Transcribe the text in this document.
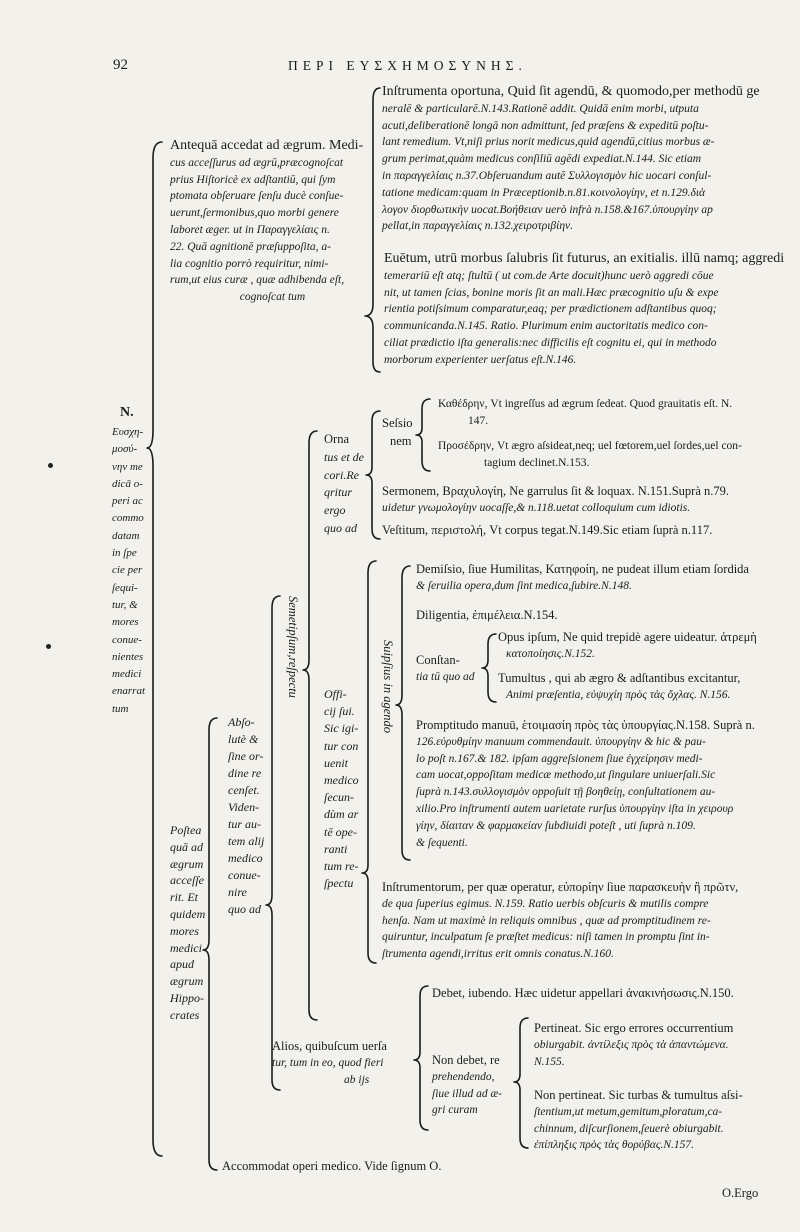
92	ΠΕΡΙ ΕΥΣΧΗΜΟΣΥΝΗΣ.
N.
Ευσχη-
μοσύ-
νην me
dicā o-
peri ac
commo
datam
in ſpe
cie per
ſequi-
tur, &
mores
conue-
nientes
medici
enarrat
tum
Antequā accedat ad ægrum. Medi-
cus acceſſurus ad ægrū,præcognoſcat
prius Hiſtoricè ex adſtantiū, qui ſym
ptomata obſeruare ſenſu ducè conſue-
uerunt,ſermonibus,quo morbi genere
laboret æger. ut in Παραγγελίαις n.
22. Quā agnitionē præſuppoſita, a-
lia cognitio porrò requiritur, nimi-
rum,ut eius curæ , quæ adhibenda eſt,
cognoſcat tum
Inſtrumenta oportuna, Quid ſit agendū, & quomodo,per methodū ge
neralē & particularē.N.143.Rationē addit. Quidā enim morbi, utputa
acuti,deliberationē longā non admittunt, ſed præſens & expeditū poſtu-
lant remedium. Vt,niſi prius norit medicus,quid agendū,citius morbus æ-
grum perimat,quàm medicus conſiliū agēdi expediat.N.144. Sic etiam
in παραγγελίαις n.37.Obſeruandum autē Συλλογισμὸν hic uocari conſul-
tatione medicam:quam in Præceptionib.n.81.κοινολογίην, et n.129.διὰ
λογον διορθωτικὴν uocat.Βοήθειαν uerò infrà n.158.&167.ὑπουργίην ap
pellat,in παραγγελίαις n.132.χειροτριβίην.
Euētum, utrū morbus ſalubris ſit futurus, an exitialis. illū namq; aggredi
temerariū eſt atq; ſtultū ( ut com.de Arte docuit)hunc uerò aggredi cōue
nit, ut tamen ſcias, bonine moris ſit an mali.Hæc præcognitio uſu & expe
rientia potiſsimum comparatur,eaq; per prædictionem adſtantibus quoq;
communicanda.N.145. Ratio. Plurimum enim auctoritatis medico con-
ciliat prædictio iſta generalis:nec difficilis eſt cognitu ei, qui in methodo
morborum experienter uerſatus eſt.N.146.
Poſtea
quā ad
ægrum
acceſſe
rit. Et
quidem
mores
medici
apud
ægrum
Hippo-
crates
Abſo-
lutè &
ſine or-
dine re
cenſet.
Viden-
tur au-
tem alij
medico
conue-
nire
quo ad
Semetipſum,reſpectu
Orna
tus et de
cori.Re
qritur
ergo
quo ad
Seſsio
nem
Καθέδρην, Vt ingreſſus ad ægrum ſedeat. Quod grauitatis eſt. N.
147.
Προσέδρην, Vt ægro aſsideat,neq; uel fœtorem,uel ſordes,uel con-
tagium declinet.N.153.
Sermonem, Βραχυλογίη, Ne garrulus ſit & loquax. N.151.Suprà n.79.
uidetur γνωμολογίην uocaſſe,& n.118.uetat colloquium cum idiotis.
Veſtitum, περιστολή, Vt corpus tegat.N.149.Sic etiam ſuprà n.117.
Offi-
cij ſui.
Sic igi-
tur con
uenit
medico
ſecun-
dùm ar
tē ope-
ranti
tum re-
ſpectu
Suipſius in agendo
Demiſsio, ſiue Humilitas, Κατηφοίη, ne pudeat illum etiam ſordida
& ſeruilia opera,dum ſint medica,ſubire.N.148.
Diligentia, ἐπιμέλεια.N.154.
Conſtan-
tia tū quo ad
Opus ipſum, Ne quid trepidè agere uideatur. ἀτρεμὴ
κατοποίησις.N.152.
Tumultus , qui ab ægro & adſtantibus excitantur,
Animi præſentia, εὐψυχίη πρὸς τὰς ὄχλας. N.156.
Promptitudo manuū, ἑτοιμασίη πρὸς τὰς ὑπουργίας.N.158. Suprà n.
126.εὐρυθμίην manuum commendauit. ὑπουργίην & hic & pau-
lo poſt n.167.& 182. ipſam aggreſsionem ſiue ἐγχείρησιν medi-
cam uocat,oppoſitam medicæ methodo,ut ſingulare uniuerſali.Sic
ſuprà n.143.συλλογισμὸν oppoſuit τῇ βοηθείῃ, conſultationem au-
xilio.Pro inſtrumenti autem uarietate rurſus ὑπουργίην iſta in χειρουρ
γίην, δίαιταν & φαρμακείαν ſubdiuidi poteſt , uti ſuprà n.109.
& ſequenti.
Inſtrumentorum, per quæ operatur, εὐπορίην ſiue παρασκευὴν ἢ πρῶτν,
de qua ſuperius egimus. N.159. Ratio uerbis obſcuris & mutilis compre
henſa. Nam ut maximè in reliquis omnibus , quæ ad promptitudinem re-
quiruntur, inculpatum ſe præſtet medicus: niſi tamen in promptu ſint in-
ſtrumenta agendi,irritus erit omnis conatus.N.160.
Alios, quibuſcum uerſa
tur, tum in eo, quod fieri
ab ijs
Debet, iubendo. Hæc uidetur appellari ἀνακινήσωσις.N.150.
Non debet, re
prehendendo,
ſiue illud ad æ-
gri curam
Pertineat. Sic ergo errores occurrentium
obiurgabit. ἀντίλεξις πρὸς τὰ ἀπαντώμενα.
N.155.
Non pertineat. Sic turbas & tumultus aſsi-
ſtentium,ut metum,gemitum,ploratum,ca-
chinnum, diſcurſionem,ſeuerè obiurgabit.
ἐπίπληξις πρὸς τὰς θορύβας.N.157.
Accommodat operi medico. Vide ſignum O.
O.Ergo
